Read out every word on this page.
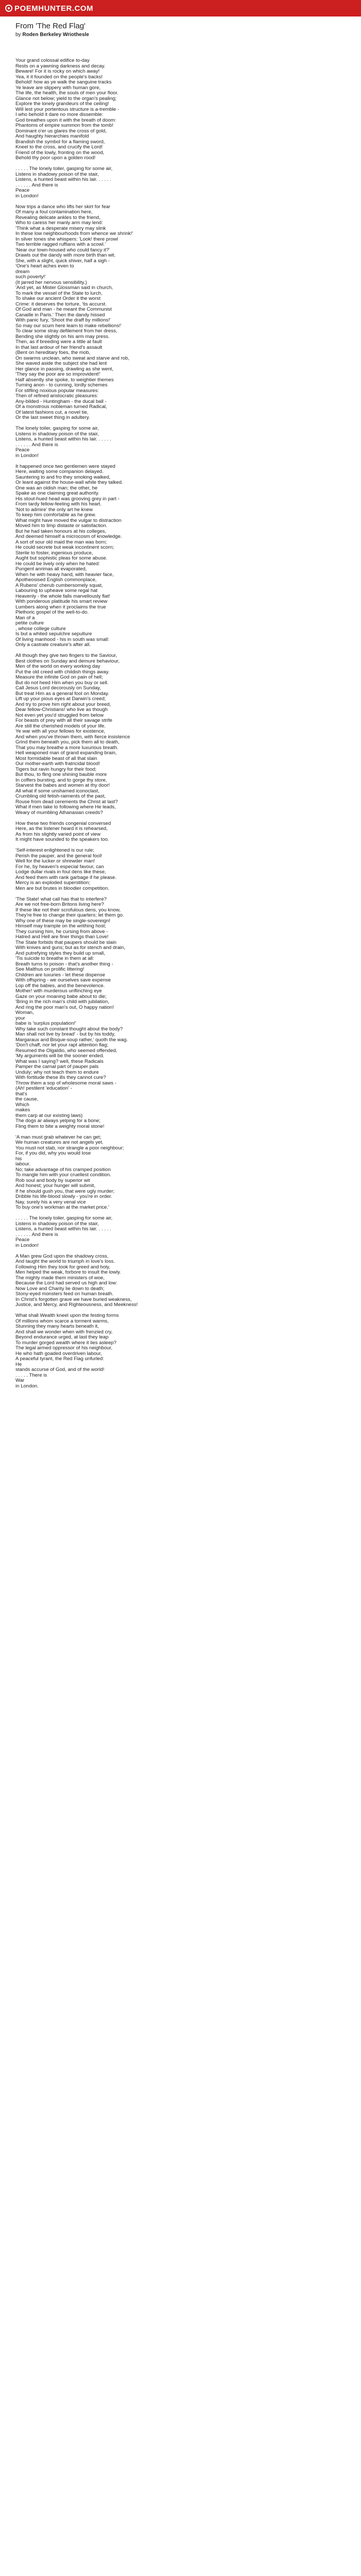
POEMHUNTER.COM
From 'The Red Flag'
by Roden Berkeley Wriothesle
Your grand colossal edifice to-day
Rests on a yawning darkness and decay.
Beware! For it is rocky on which away!
Yea, it it founded on the people's backs!
Behold! how as ye walk the sanguine tracks
Ye leave are slippery with human gore,
The life, the health, the souls of men your floor.
Glance not below; yield to the organ's pealing;
Explore the lonely grandeurs of the ceiling!
Will lest your portentous structure is a-tremble -
I who behold it dare no more dissemble:
God breathes upon it with the breath of doom:
Phantoms of empire summon from the tomb!
Dominant o'er us glares the cross of gold,
And haughty hierarchies manifold
Brandish the symbol for a flaming sword,
Kneel to the cross, and crucify the Lord!
Friend of the lowly, fronting on the wood,
Behold thy poor upon a golden rood!
. . . . . The lonely toiler, gasping for some air,
Listens in shadowy poison of the stair,
Listens, a hunted beast within his lair. . . . . .
. . . . . . And there is
Peace
in London!
Now trips a dance who lifts her skirt for fear
Of many a foul contamination here,
Revealing delicate ankles to the friend,
Who to caress her manly arm may lend:
'Think what a desperate misery may slink
In these low neighbourhoods from whence we shrink!'
In silver tones she whispers: 'Look! there prowl
Two terrible ragged ruffians with a scowl.'
'Near our town-housed who could fancy it?'
Drawls out the dandy with more birth than wit.
She, with a slight, quick shiver, half a sigh -
'One's heart aches even to
dream
such poverty!'
(It jarred her nervous sensibility.)
'And yet, as Mister Glossman said in church,
To mark the vessel of the State to lurch,
To shake our ancient Order it the worst
Crime: it deserves the torture, 'tis accurst.
Of God and man - he meant the Communist
Canaille in Paris.' Then the dandy hissed
With panic fury, 'Shoot the draff by millions!'
So may our scum here learn to make rebellions!'
To clear some stray defilement from her dress,
Bending she slightly on his arm may press.
Then, as if breeding were a little at fault
In that last ardour of her friend's assault
(Bent on hereditary foes, the mob,
On swarms unclean, who sweat and starve and rob,
She waved aside the subject she had lent
Her glance in passing, drawling as she went,
'They say the poor are so improvident!'
Half absently she spoke, to weightier themes
Turning anon - to cunning, lordly schemes
For stifling noxious popular measures:
Then of refined aristocratic pleasures:
Any-bilded - Huntingham - the ducal ball -
Of a monstrous nobleman turned Radical,
Of latest fashions cut, a novel tie,
Or the last sweet thing in adultery.
The lonely toiler, gasping for some air,
Listens in shadowy poison of the stair,
Listens, a hunted beast within his lair. . . . . .
. . . . . . And there is
Peace
in London!
It happened once two gentlemen were stayed
Here, waiting some companion delayed.
Sauntering to and fro they smoking walked,
Or leant against the house-wall while they talked.
One was an oldish man; the other, he
Spake as one claiming great authority.
His stout-hued head was grooving grey in part -
From tardy fellow-feeling with his heart.
'Not to admire' the only art he knew
To keep him comfortable as he grew.
What might have moved the vulgar to distraction
Moved him to limp distaste or satisfaction.
But he had taken honours at his colleges,
And deemed himself a microcosm of knowledge.
A sort of sour old maid the man was born;
He could secrete but weak incontinent scorn;
Sterile to foster, ingenious produce,
Aught but sophistic pleas for some abuse.
He could be lively only when he hated:
Pungent anrimas all evaporated,
When he with heavy hand, with heavier face,
Apotheosised English commonplace,
A Rubens' cherub cumbersomely squat,
Labouring to upheave some regal hat
Heavenly - the whole falls marvellously flat!
With ponderous platitude his smart review
Lumbers along when it proclaims the true
Plethoric gospel of the well-to-do.
Man of a
petite culture
, whose college culture
Is but a whited sepulchre sepulture
Of living manhood - his in south was small:
Only a castrate creature's after all.
All though they give two fingers to the Saviour,
Best clothes on Sunday and demure behaviour,
Men of the world on every working day
Put the old creed with childish things away.
Measure the infinite God on pain of hell;
But do not heed Him when you buy or sell.
Call Jesus Lord decorously on Sunday,
But treat Him as a general fool on Monday.
Lift up your pious eyes at Darwin's creed;
And try to prove him right about your breed,
Dear fellow-Christians! who live as though
Not even yet you'd struggled from below
For beasts of prey with all their savage strife
Are still the cherished models of your life.
Ye war with all your fellows for existence,
And when you've thrown them, with fierce insistence
Grind them beneath you, pick them all to death,
That you may breathe a more luxurious breath.
Hell weaponed man of grand expanding brain,
Most formidable beast of all that slain
Our mother-earth with fratricidal blood!
Tigers but ravin hungry for their food;
But thou, to fling one shining bauble more
In coffers bursting, and to gorge thy store,
Starvest the babes and women at thy door!
All what if some unshamed iconoclast,
Crumbling old fetish-raiments of the past,
Rouse from dead cerements the Christ at last?
What if men take to following where He leads,
Weary of mumbling Athanasian creeds?
How these two friends congenial conversed
Here, as the listener heard it is rehearsed,
As from his slightly varied point of view
It might have sounded to the speakers too.
'Self-interest enlightened is our rule;
Perish the pauper, and the general fool!
Well for the lucker or shrewder man!
For he, by heaven's especial favour, can
Lodge dullar rivals in foul dens like these,
And feed them with rank garbage if he please.
Mercy is an exploded superstition;
Men are but brutes in bloodier competition.
'The State! what call has that to interfere?
Are we not free-born Britons living here?
If these like not their scrofulous dens, you know,
They're free to change their quarters; let them go.
Why one of these may be single-sovereign!
Himself may trample on the writhing host;
They cursing him, he cursing from above -
Hatred and Hell are finer things than Love!
The State forbids that paupers should be slain
With knives and guns; but as for stench and drain,
And putrefying styles they build up small,
'Tis suicide to breathe in them at all:
Breath turns to poison - that's another thing -
See Malthus on prolific littering!
Children are luxuries - let these dispense
With offspring - we ourselves save expense
Lop off the babies, and the benevolence.
Mother! with murderous unflinching eye
Gaze on your moaning babe about to die;
'Bring in the rich man's child with jubilation,
And ring the poor man's out, O happy nation!
Woman,
your
babe is 'surplus population!'
Why take such constant thought about the body?
Man shall not live by bread' - but by his toddy,
Margaraux and Bisque-soup rather,' quoth the wag.
'Don't chaff, nor let your rapt attention flag;
Resumed the Olgaldio, who seemed offended,
'My arguments will be the sooner ended.
What was I saying? well, these Radicals
Pamper the carnal part of pauper pals
Unduly; why not teach them to endure
With fortitude these ills they cannot cure?
Throw them a sop of wholesome moral saws -
(Ah! pestilent 'education' -
that's
the cause,
Which
makes
them carp at our existing laws)
The dogs ar always yelping for a bone;
Fling them to bite a weighty moral stone!
'A man must grab whatever he can get;
We human creatures are not angels yet.
You must not stab, nor strangle a poor neighbour;
For, if you did, why you would lose
his
labour.
No; take advantage of his cramped position
To mangle him with your cruellest condition.
Rob soul and body by superior wit
And honest; your hunger will submit,
If he should gush you, that were ugly murder;
Dribble his life-blood slowly - you're in order.
Nay, surely his a very venal vice
To buy one's workman at the market price.'
. . . . . The lonely toiler, gasping for some air,
Listens in shadowy poison of the stair,
Listens, a hunted beast within his lair. . . . . .
. . . . . . And there is
Peace
in London!
A Man grew God upon the shadowy cross,
And taught the world to triumph in love's loss.
Following Him they took for greed and holy,
Men helped the weak, forbore to insult the lowly.
The mighty made them ministers of woe,
Because the Lord had served us high and low:
Now Love and Charity lie down to death;
Stony-eyed monsters feed on human breath.
In Christ's forgotten grave we have buried weakness,
Justice, and Mercy, and Righteousness, and Meekness!
What shall Wealth kneel upon the festing forms
Of millions whom scarce a torment warms,
Stunning they many hearts beneath it,
And shall we wonder when with frenzied cry,
Beyond endurance urged, at last they leap
To murder gorged wealth where it lies asleep?
The legal armed oppressor of his neighbour,
He who hath goaded overdriven labour,
A peaceful tyrant, the Red Flag unfurled:
He
stands accurse of God, and of the world!
. . . . . There is
War
in London.
